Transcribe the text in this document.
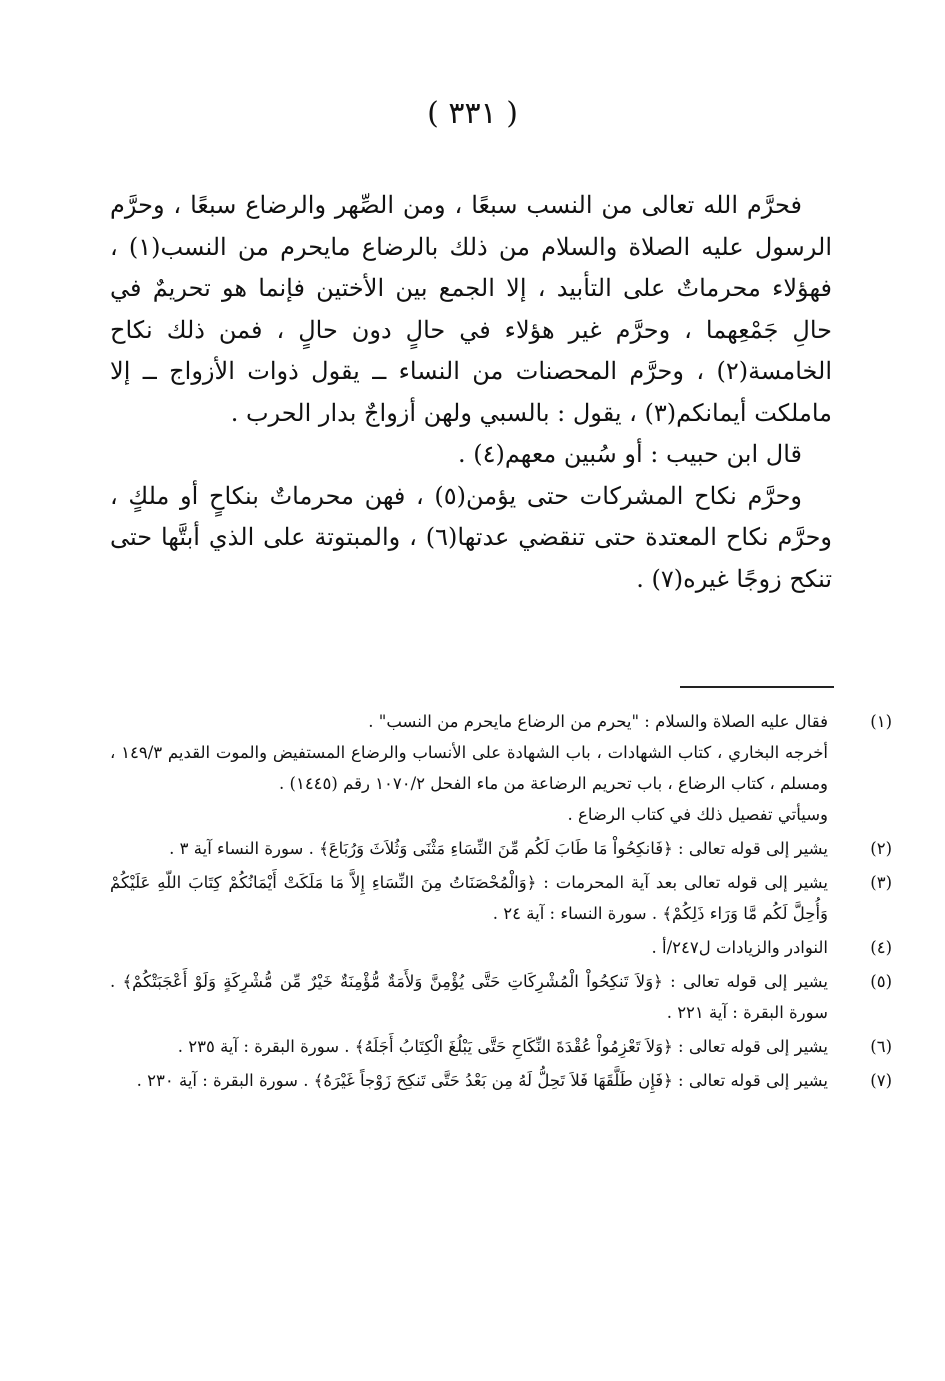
( ٣٣١ )

فحرَّم الله تعالى من النسب سبعًا ، ومن الصِّهر والرضاع سبعًا ، وحرَّم الرسول عليه الصلاة والسلام من ذلك بالرضاع مايحرم من النسب(١) ، فهؤلاء محرماتٌ على التأبيد ، إلا الجمع بين الأختين فإنما هو تحريمٌ في حالِ جَمْعِهما ، وحرَّم غير هؤلاء في حالٍ دون حالٍ ، فمن ذلك نكاح الخامسة(٢) ، وحرَّم المحصنات من النساء ــ يقول ذوات الأزواج ــ إلا ماملكت أيمانكم(٣) ، يقول : بالسبي ولهن أزواجٌ بدار الحرب .

قال ابن حبيب : أو سُبين معهم(٤) .

وحرَّم نكاح المشركات حتى يؤمن(٥) ، فهن محرماتٌ بنكاحٍ أو ملكٍ ، وحرَّم نكاح المعتدة حتى تنقضي عدتها(٦) ، والمبتوتة على الذي أبتَّها حتى تنكح زوجًا غيره(٧) .

(١)

فقال عليه الصلاة والسلام : "يحرم من الرضاع مايحرم من النسب" .

أخرجه البخاري ، كتاب الشهادات ، باب الشهادة على الأنساب والرضاع المستفيض والموت القديم ١٤٩/٣ ، ومسلم ، كتاب الرضاع ، باب تحريم الرضاعة من ماء الفحل ١٠٧٠/٢ رقم (١٤٤٥) .

وسيأتي تفصيل ذلك في كتاب الرضاع .

(٢)

يشير إلى قوله تعالى : ﴿فَانكِحُواْ مَا طَابَ لَكُم مِّنَ النِّسَاءِ مَثْنَى وَثُلاَثَ وَرُبَاعَ﴾ . سورة النساء آية ٣ .

(٣)

يشير إلى قوله تعالى بعد آية المحرمات : ﴿وَالْمُحْصَنَاتُ مِنَ النِّسَاءِ إِلاَّ مَا مَلَكَتْ أَيْمَانُكُمْ كِتَابَ اللّهِ عَلَيْكُمْ وَأُحِلَّ لَكُم مَّا وَرَاء ذَلِكُمْ﴾ . سورة النساء : آية ٢٤ .

(٤)

النوادر والزيادات ل٢٤٧/أ .

(٥)

يشير إلى قوله تعالى : ﴿وَلاَ تَنكِحُواْ الْمُشْرِكَاتِ حَتَّى يُؤْمِنَّ وَلأَمَةٌ مُّؤْمِنَةٌ خَيْرٌ مِّن مُّشْرِكَةٍ وَلَوْ أَعْجَبَتْكُمْ﴾ . سورة البقرة : آية ٢٢١ .

(٦)

يشير إلى قوله تعالى : ﴿وَلاَ تَعْزِمُواْ عُقْدَةَ النِّكَاحِ حَتَّى يَبْلُغَ الْكِتَابُ أَجَلَهُ﴾ . سورة البقرة : آية ٢٣٥ .

(٧)

يشير إلى قوله تعالى : ﴿فَإِن طَلَّقَهَا فَلاَ تَحِلُّ لَهُ مِن بَعْدُ حَتَّى تَنكِحَ زَوْجاً غَيْرَهُ﴾ . سورة البقرة : آية ٢٣٠ .
